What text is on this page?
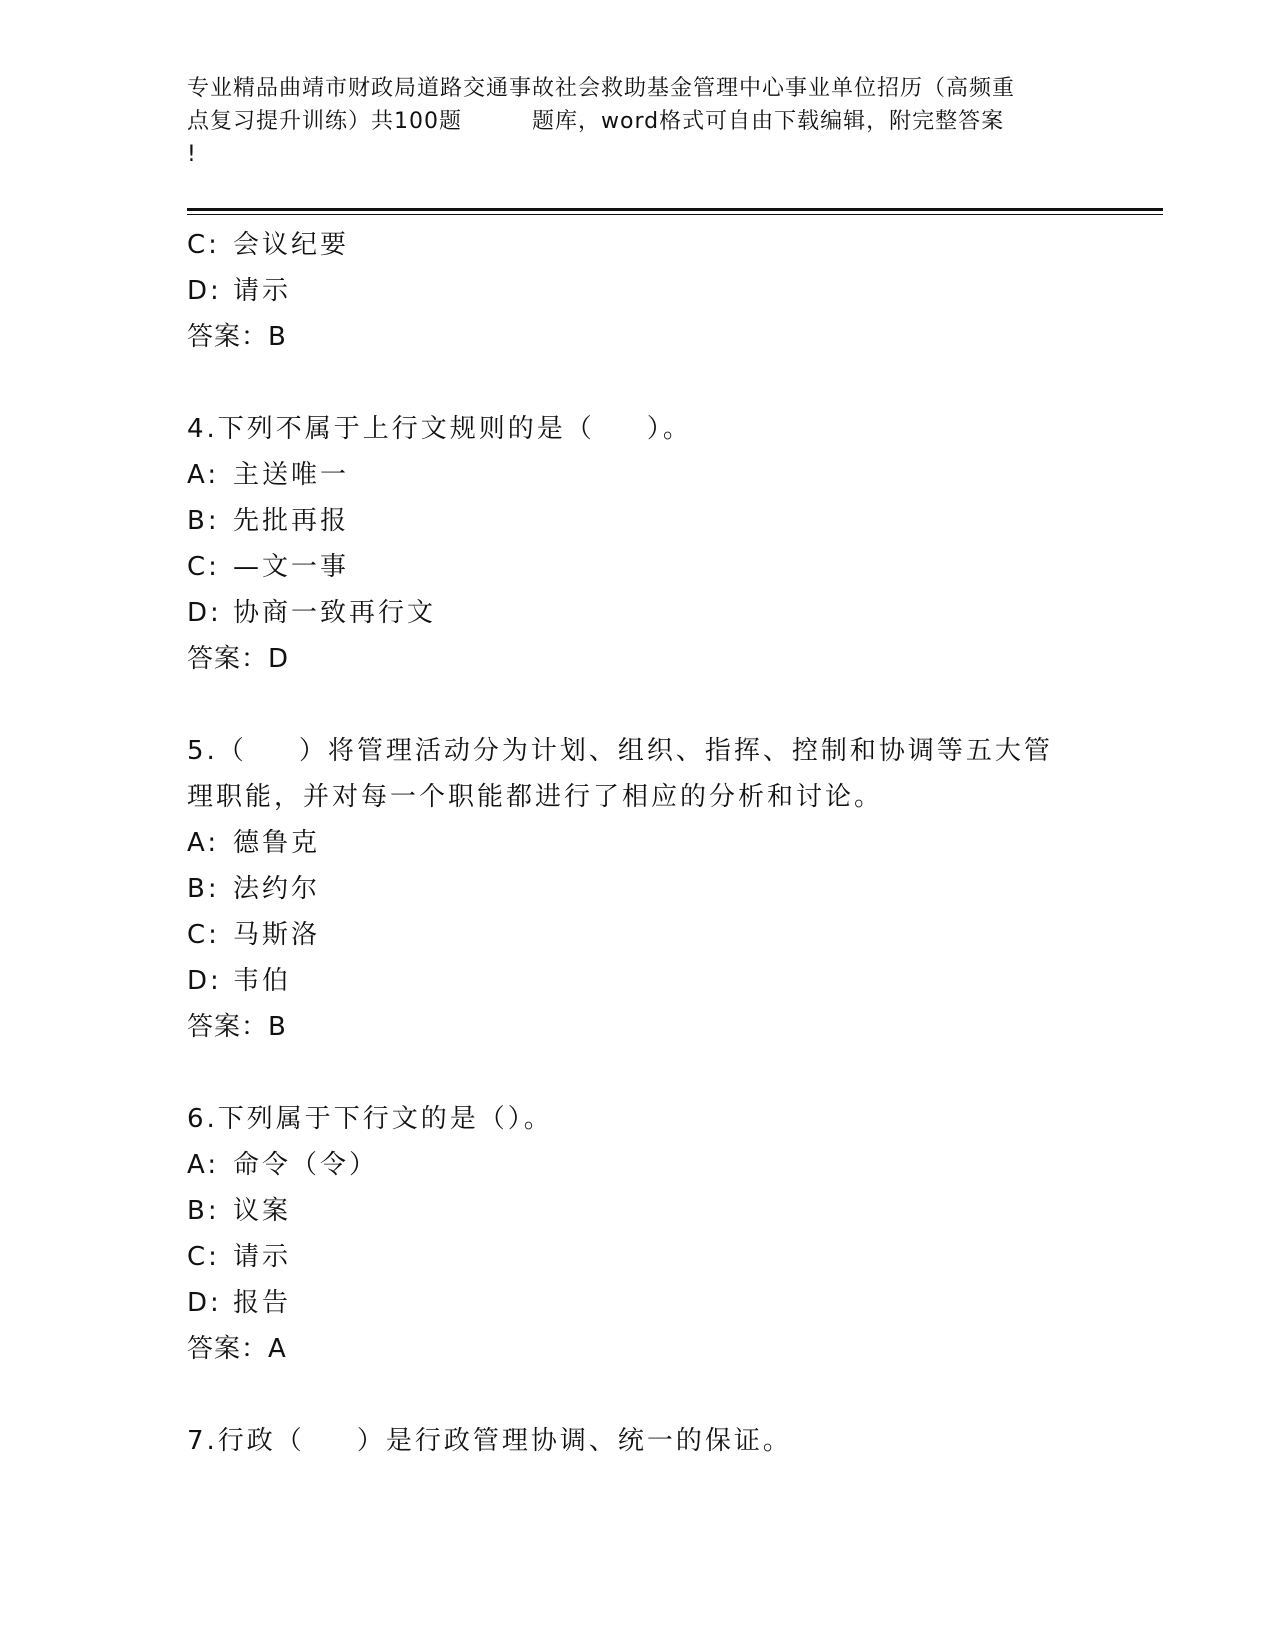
专业精品曲靖市财政局道路交通事故社会救助基金管理中心事业单位招历（高频重
点复习提升训练）共100题	题库，word格式可自由下载编辑，附完整答案
!
C: 会议纪要
D: 请示
答案：B
4.下列不属于上行文规则的是（ ）。
A: 主送唯一
B: 先批再报
C: —文一事
D: 协商一致再行文
答案：D
5.（ ）将管理活动分为计划、组织、指挥、控制和协调等五大管
理职能，并对每一个职能都进行了相应的分析和讨论。
A: 德鲁克
B: 法约尔
C: 马斯洛
D: 韦伯
答案：B
6.下列属于下行文的是（）。
A: 命令（令）
B: 议案
C: 请示
D: 报告
答案：A
7.行政（ ）是行政管理协调、统一的保证。
